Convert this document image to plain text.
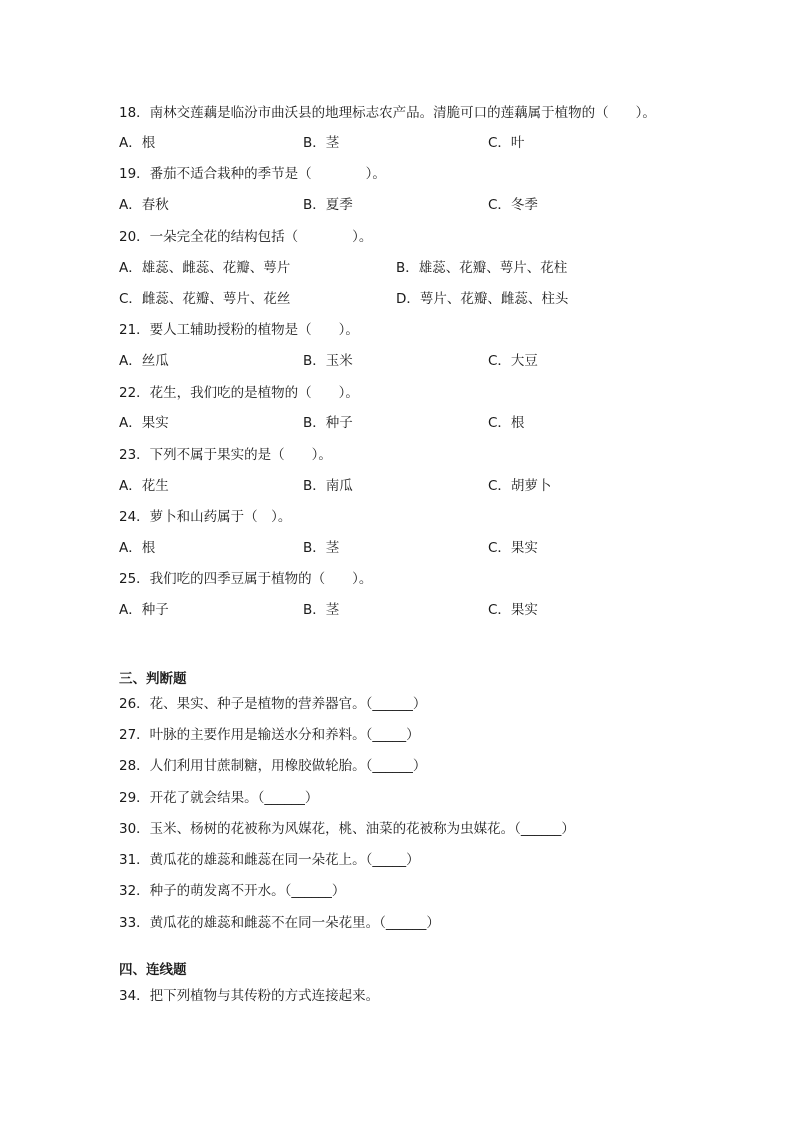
18．南林交莲藕是临汾市曲沃县的地理标志农产品。清脆可口的莲藕属于植物的（　　）。
A．根	B．茎	C．叶
19．番茄不适合栽种的季节是（　　　　）。
A．春秋	B．夏季	C．冬季
20．一朵完全花的结构包括（　　　　）。
A．雄蕊、雌蕊、花瓣、萼片	B．雄蕊、花瓣、萼片、花柱
C．雌蕊、花瓣、萼片、花丝	D．萼片、花瓣、雌蕊、柱头
21．要人工辅助授粉的植物是（　　）。
A．丝瓜	B．玉米	C．大豆
22．花生，我们吃的是植物的（　　）。
A．果实	B．种子	C．根
23．下列不属于果实的是（　　）。
A．花生	B．南瓜	C．胡萝卜
24．萝卜和山药属于（　）。
A．根	B．茎	C．果实
25．我们吃的四季豆属于植物的（　　）。
A．种子	B．茎	C．果实
三、判断题
26．花、果实、种子是植物的营养器官。（______）
27．叶脉的主要作用是输送水分和养料。（_____）
28．人们利用甘蔗制糖，用橡胶做轮胎。（______）
29．开花了就会结果。（______）
30．玉米、杨树的花被称为风媒花，桃、油菜的花被称为虫媒花。（______）
31．黄瓜花的雄蕊和雌蕊在同一朵花上。（_____）
32．种子的萌发离不开水。（______）
33．黄瓜花的雄蕊和雌蕊不在同一朵花里。（______）
四、连线题
34．把下列植物与其传粉的方式连接起来。
